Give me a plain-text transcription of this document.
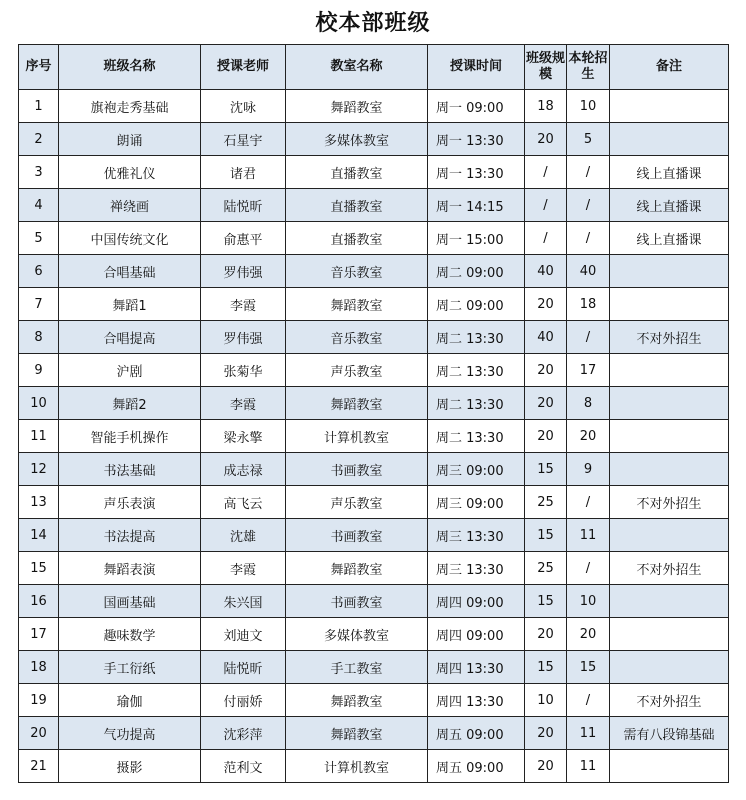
校本部班级
序号	班级名称	授课老师	教室名称	授课时间	班级规模	本轮招生	备注
1	旗袍走秀基础	沈咏	舞蹈教室	周一 09:00	18	10	
2	朗诵	石星宇	多媒体教室	周一 13:30	20	5	
3	优雅礼仪	诸君	直播教室	周一 13:30	/	/	线上直播课
4	禅绕画	陆悦昕	直播教室	周一 14:15	/	/	线上直播课
5	中国传统文化	俞惠平	直播教室	周一 15:00	/	/	线上直播课
6	合唱基础	罗伟强	音乐教室	周二 09:00	40	40	
7	舞蹈1	李霞	舞蹈教室	周二 09:00	20	18	
8	合唱提高	罗伟强	音乐教室	周二 13:30	40	/	不对外招生
9	沪剧	张菊华	声乐教室	周二 13:30	20	17	
10	舞蹈2	李霞	舞蹈教室	周二 13:30	20	8	
11	智能手机操作	梁永擎	计算机教室	周二 13:30	20	20	
12	书法基础	成志禄	书画教室	周三 09:00	15	9	
13	声乐表演	高飞云	声乐教室	周三 09:00	25	/	不对外招生
14	书法提高	沈雄	书画教室	周三 13:30	15	11	
15	舞蹈表演	李霞	舞蹈教室	周三 13:30	25	/	不对外招生
16	国画基础	朱兴国	书画教室	周四 09:00	15	10	
17	趣味数学	刘迪文	多媒体教室	周四 09:00	20	20	
18	手工衍纸	陆悦昕	手工教室	周四 13:30	15	15	
19	瑜伽	付丽娇	舞蹈教室	周四 13:30	10	/	不对外招生
20	气功提高	沈彩萍	舞蹈教室	周五 09:00	20	11	需有八段锦基础
21	摄影	范利文	计算机教室	周五 09:00	20	11	
